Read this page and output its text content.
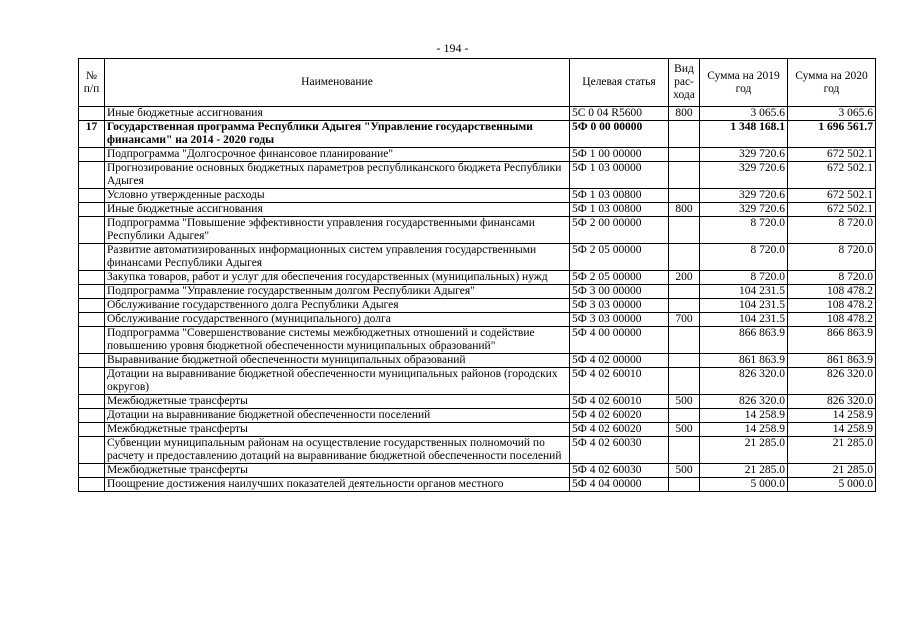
- 194 -
№ п/п	Наименование	Целевая статья	Вид рас-хода	Сумма на 2019 год	Сумма на 2020 год
	Иные бюджетные ассигнования	5С 0 04 R5600	800	3 065.6	3 065.6
17	Государственная программа Республики Адыгея "Управление государственными финансами" на 2014 - 2020 годы	5Ф 0 00 00000		1 348 168.1	1 696 561.7
	Подпрограмма "Долгосрочное финансовое планирование"	5Ф 1 00 00000		329 720.6	672 502.1
	Прогнозирование основных бюджетных параметров республиканского бюджета Республики Адыгея	5Ф 1 03 00000		329 720.6	672 502.1
	Условно утвержденные расходы	5Ф 1 03 00800		329 720.6	672 502.1
	Иные бюджетные ассигнования	5Ф 1 03 00800	800	329 720.6	672 502.1
	Подпрограмма "Повышение эффективности управления государственными финансами Республики Адыгея"	5Ф 2 00 00000		8 720.0	8 720.0
	Развитие автоматизированных информационных систем управления государственными финансами Республики Адыгея	5Ф 2 05 00000		8 720.0	8 720.0
	Закупка товаров, работ и услуг для обеспечения государственных (муниципальных) нужд	5Ф 2 05 00000	200	8 720.0	8 720.0
	Подпрограмма "Управление государственным долгом Республики Адыгея"	5Ф 3 00 00000		104 231.5	108 478.2
	Обслуживание государственного долга Республики Адыгея	5Ф 3 03 00000		104 231.5	108 478.2
	Обслуживание государственного (муниципального) долга	5Ф 3 03 00000	700	104 231.5	108 478.2
	Подпрограмма "Совершенствование системы межбюджетных отношений и содействие повышению уровня бюджетной обеспеченности муниципальных образований"	5Ф 4 00 00000		866 863.9	866 863.9
	Выравнивание бюджетной обеспеченности муниципальных образований	5Ф 4 02 00000		861 863.9	861 863.9
	Дотации на выравнивание бюджетной обеспеченности муниципальных районов (городских округов)	5Ф 4 02 60010		826 320.0	826 320.0
	Межбюджетные трансферты	5Ф 4 02 60010	500	826 320.0	826 320.0
	Дотации на выравнивание бюджетной обеспеченности поселений	5Ф 4 02 60020		14 258.9	14 258.9
	Межбюджетные трансферты	5Ф 4 02 60020	500	14 258.9	14 258.9
	Субвенции муниципальным районам на осуществление государственных полномочий по расчету и предоставлению дотаций на выравнивание бюджетной обеспеченности поселений	5Ф 4 02 60030		21 285.0	21 285.0
	Межбюджетные трансферты	5Ф 4 02 60030	500	21 285.0	21 285.0
	Поощрение достижения наилучших показателей деятельности органов местного	5Ф 4 04 00000		5 000.0	5 000.0
